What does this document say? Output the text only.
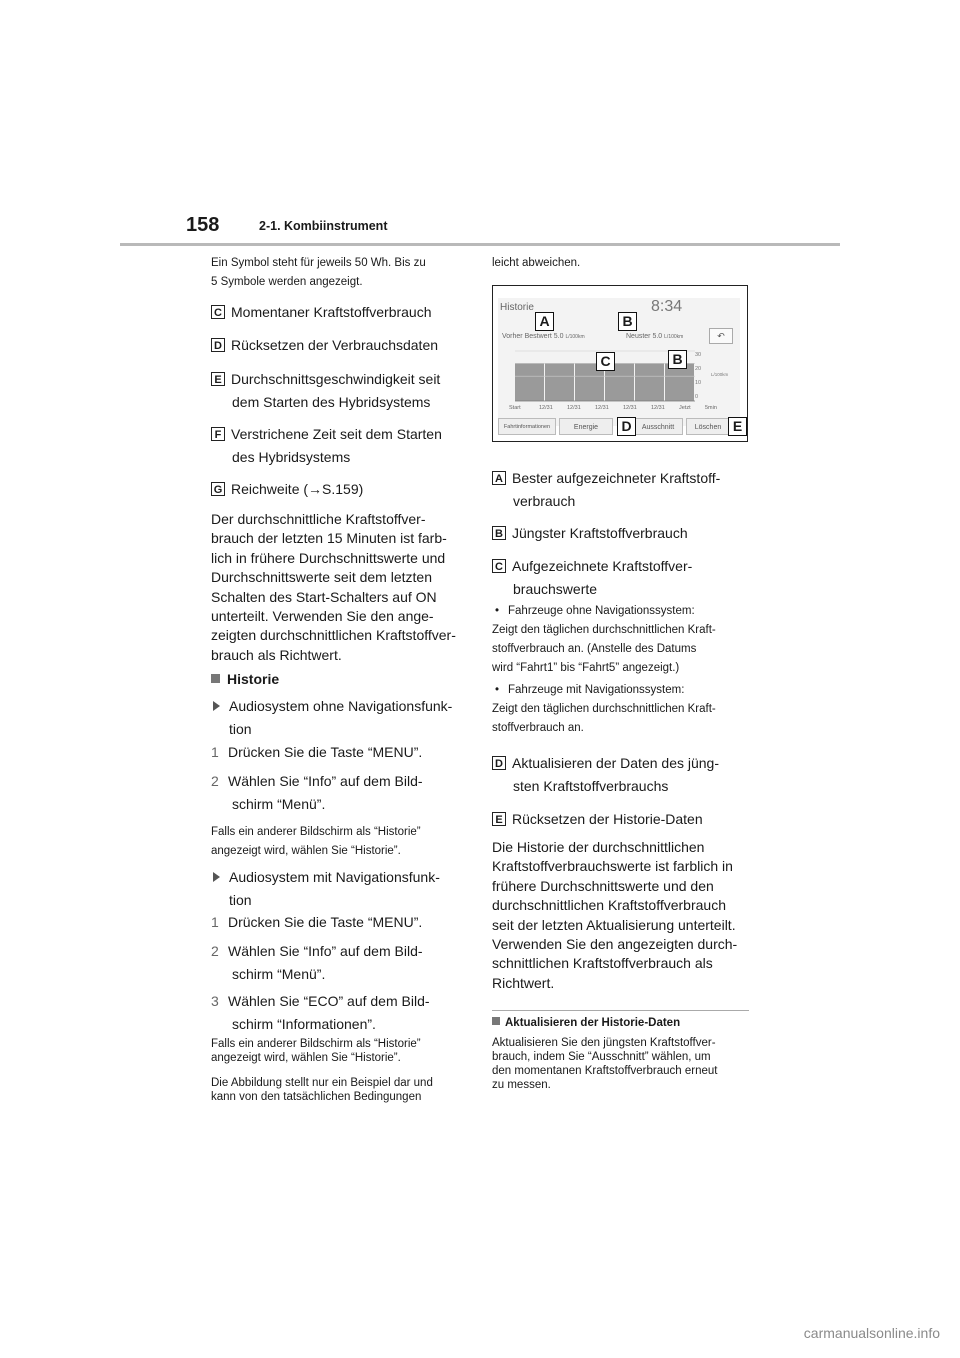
158	2-1. Kombiinstrument
Ein Symbol steht für jeweils 50 Wh. Bis zu
5 Symbole werden angezeigt.
C Momentaner Kraftstoffverbrauch
D Rücksetzen der Verbrauchsdaten
E Durchschnittsgeschwindigkeit seit
dem Starten des Hybridsystems
F Verstrichene Zeit seit dem Starten
des Hybridsystems
G Reichweite (→S.159)
Der durchschnittliche Kraftstoffver-
brauch der letzten 15 Minuten ist farb-
lich in frühere Durchschnittswerte und
Durchschnittswerte seit dem letzten
Schalten des Start-Schalters auf ON
unterteilt. Verwenden Sie den ange-
zeigten durchschnittlichen Kraftstoffver-
brauch als Richtwert.
Historie
Audiosystem ohne Navigationsfunk-
tion
1 Drücken Sie die Taste “MENU”.
2 Wählen Sie “Info” auf dem Bild-
schirm “Menü”.
Falls ein anderer Bildschirm als “Historie”
angezeigt wird, wählen Sie “Historie”.
Audiosystem mit Navigationsfunk-
tion
1 Drücken Sie die Taste “MENU”.
2 Wählen Sie “Info” auf dem Bild-
schirm “Menü”.
3 Wählen Sie “ECO” auf dem Bild-
schirm “Informationen”.
Falls ein anderer Bildschirm als “Historie”
angezeigt wird, wählen Sie “Historie”.
Die Abbildung stellt nur ein Beispiel dar und
kann von den tatsächlichen Bedingungen
leicht abweichen.
Historie	8:34
Vorher Bestwert 5.0 L/100km	Neuster 5.0 L/100km	↶
30
20
10
0
L/100km
Start	12/31	12/31	12/31	12/31	12/31	Jetzt	5min
Fahrtinformationen	Energie	Ausschnitt	Löschen
A	B
C	B
D	E
A Bester aufgezeichneter Kraftstoff-
verbrauch
B Jüngster Kraftstoffverbrauch
C Aufgezeichnete Kraftstoffver-
brauchswerte
• Fahrzeuge ohne Navigationssystem:
Zeigt den täglichen durchschnittlichen Kraft-
stoffverbrauch an. (Anstelle des Datums
wird “Fahrt1” bis “Fahrt5” angezeigt.)
• Fahrzeuge mit Navigationssystem:
Zeigt den täglichen durchschnittlichen Kraft-
stoffverbrauch an.
D Aktualisieren der Daten des jüng-
sten Kraftstoffverbrauchs
E Rücksetzen der Historie-Daten
Die Historie der durchschnittlichen
Kraftstoffverbrauchswerte ist farblich in
frühere Durchschnittswerte und den
durchschnittlichen Kraftstoffverbrauch
seit der letzten Aktualisierung unterteilt.
Verwenden Sie den angezeigten durch-
schnittlichen Kraftstoffverbrauch als
Richtwert.
Aktualisieren der Historie-Daten
Aktualisieren Sie den jüngsten Kraftstoffver-
brauch, indem Sie “Ausschnitt” wählen, um
den momentanen Kraftstoffverbrauch erneut
zu messen.
carmanualsonline.info
